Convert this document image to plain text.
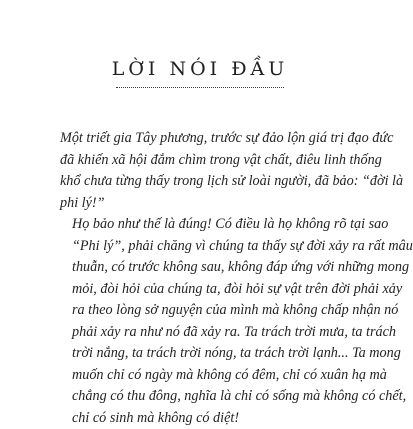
LỜI NÓI ĐẦU

Một triết gia Tây phương, trước sự đảo lộn giá trị đạo đức
đã khiến xã hội đắm chìm trong vật chất, điêu linh thống
khổ chưa từng thấy trong lịch sử loài người, đã bảo: “đời là
phi lý!”

Họ bảo như thế là đúng! Có điều là họ không rõ tại sao
“Phi lý”, phải chăng vì chúng ta thấy sự đời xảy ra rất mâu
thuẫn, có trước không sau, không đáp ứng với những mong
mỏi, đòi hỏi của chúng ta, đòi hỏi sự vật trên đời phải xảy
ra theo lòng sở nguyện của mình mà không chấp nhận nó
phải xảy ra như nó đã xảy ra. Ta trách trời mưa, ta trách
trời nắng, ta trách trời nóng, ta trách trời lạnh... Ta mong
muốn chỉ có ngày mà không có đêm, chỉ có xuân hạ mà
chẳng có thu đông, nghĩa là chỉ có sống mà không có chết,
chỉ có sinh mà không có diệt!
